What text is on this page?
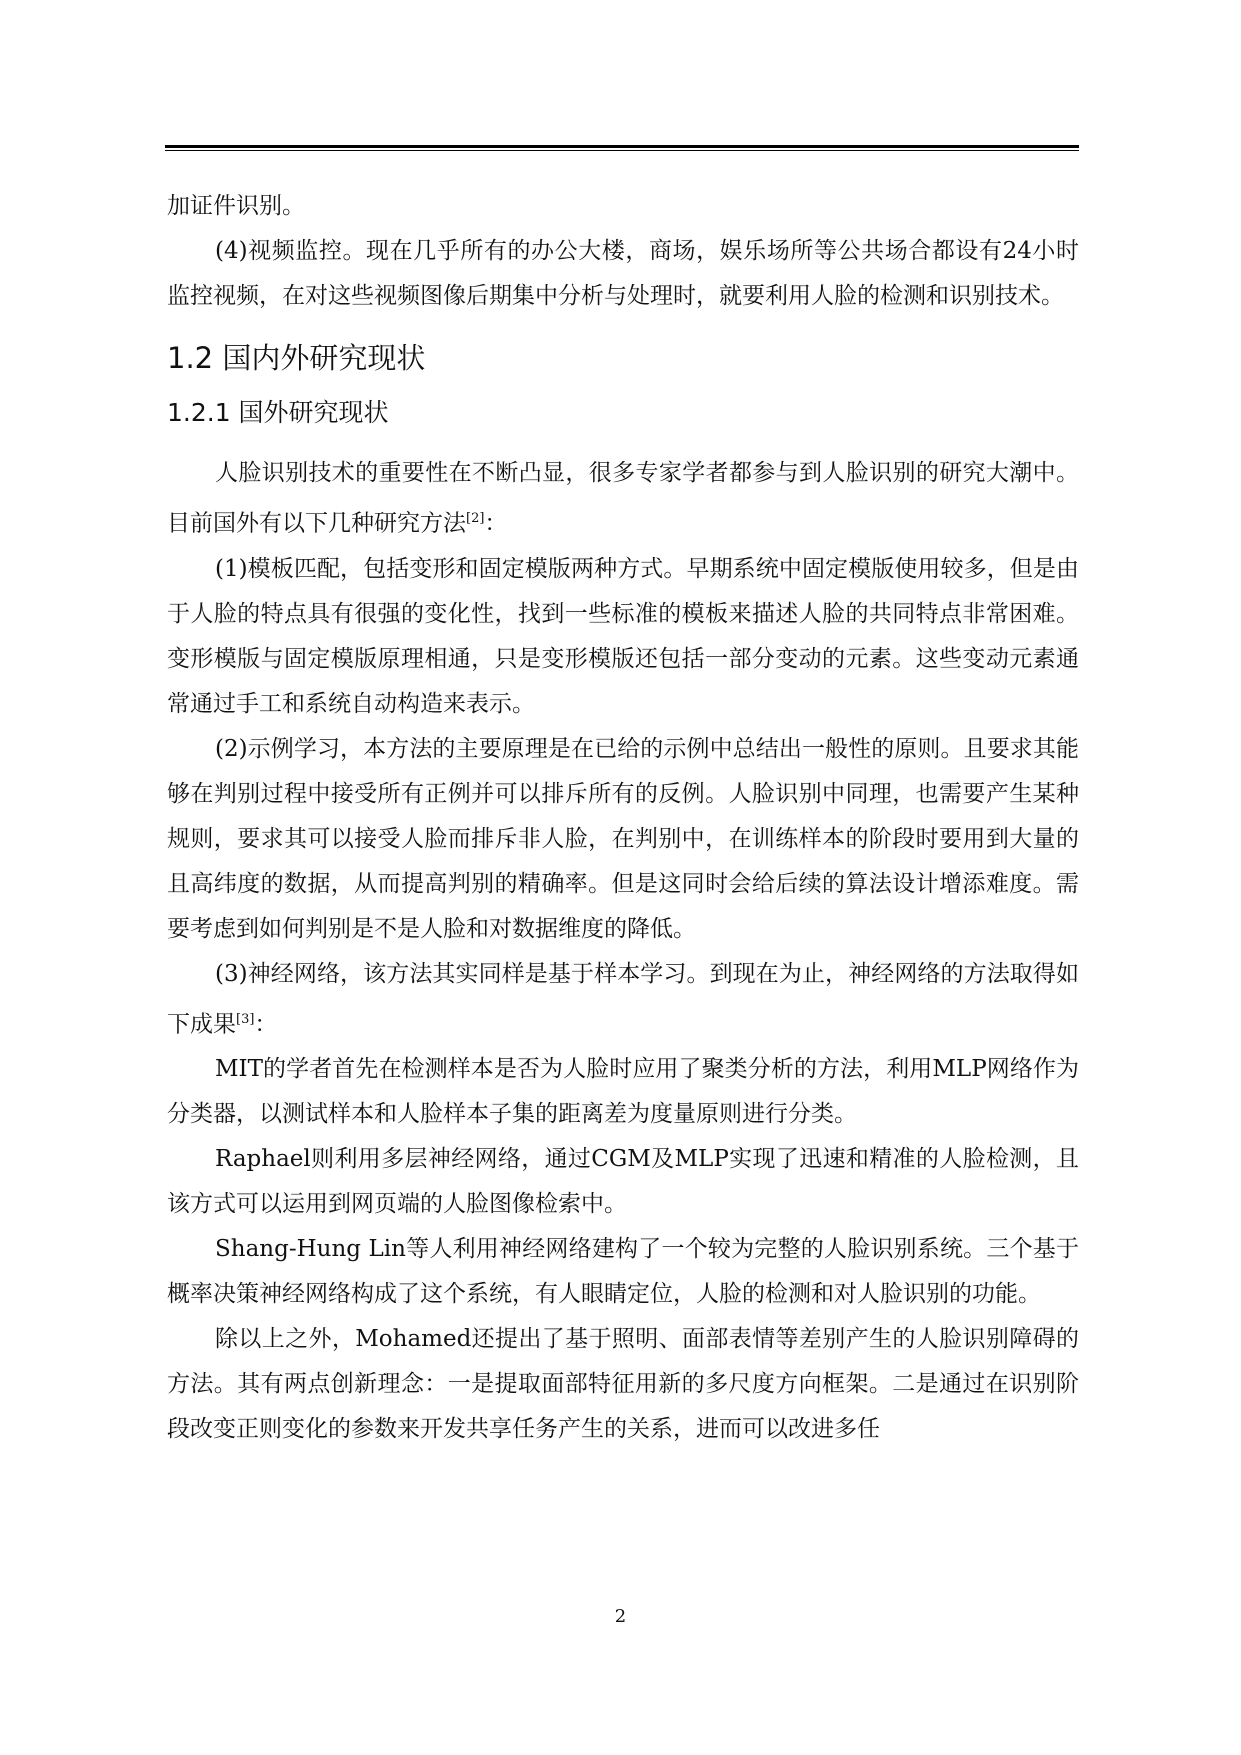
加证件识别。

(4)视频监控。现在几乎所有的办公大楼，商场，娱乐场所等公共场合都设有24小时监控视频，在对这些视频图像后期集中分析与处理时，就要利用人脸的检测和识别技术。

1.2 国内外研究现状
1.2.1 国外研究现状

人脸识别技术的重要性在不断凸显，很多专家学者都参与到人脸识别的研究大潮中。目前国外有以下几种研究方法[2]：

(1)模板匹配，包括变形和固定模版两种方式。早期系统中固定模版使用较多，但是由于人脸的特点具有很强的变化性，找到一些标准的模板来描述人脸的共同特点非常困难。变形模版与固定模版原理相通，只是变形模版还包括一部分变动的元素。这些变动元素通常通过手工和系统自动构造来表示。

(2)示例学习，本方法的主要原理是在已给的示例中总结出一般性的原则。且要求其能够在判别过程中接受所有正例并可以排斥所有的反例。人脸识别中同理，也需要产生某种规则，要求其可以接受人脸而排斥非人脸，在判别中，在训练样本的阶段时要用到大量的且高纬度的数据，从而提高判别的精确率。但是这同时会给后续的算法设计增添难度。需要考虑到如何判别是不是人脸和对数据维度的降低。

(3)神经网络，该方法其实同样是基于样本学习。到现在为止，神经网络的方法取得如下成果[3]：

MIT的学者首先在检测样本是否为人脸时应用了聚类分析的方法，利用MLP网络作为分类器，以测试样本和人脸样本子集的距离差为度量原则进行分类。

Raphael则利用多层神经网络，通过CGM及MLP实现了迅速和精准的人脸检测，且该方式可以运用到网页端的人脸图像检索中。

Shang-Hung Lin等人利用神经网络建构了一个较为完整的人脸识别系统。三个基于概率决策神经网络构成了这个系统，有人眼睛定位，人脸的检测和对人脸识别的功能。

除以上之外，Mohamed还提出了基于照明、面部表情等差别产生的人脸识别障碍的方法。其有两点创新理念：一是提取面部特征用新的多尺度方向框架。二是通过在识别阶段改变正则变化的参数来开发共享任务产生的关系，进而可以改进多任

2
